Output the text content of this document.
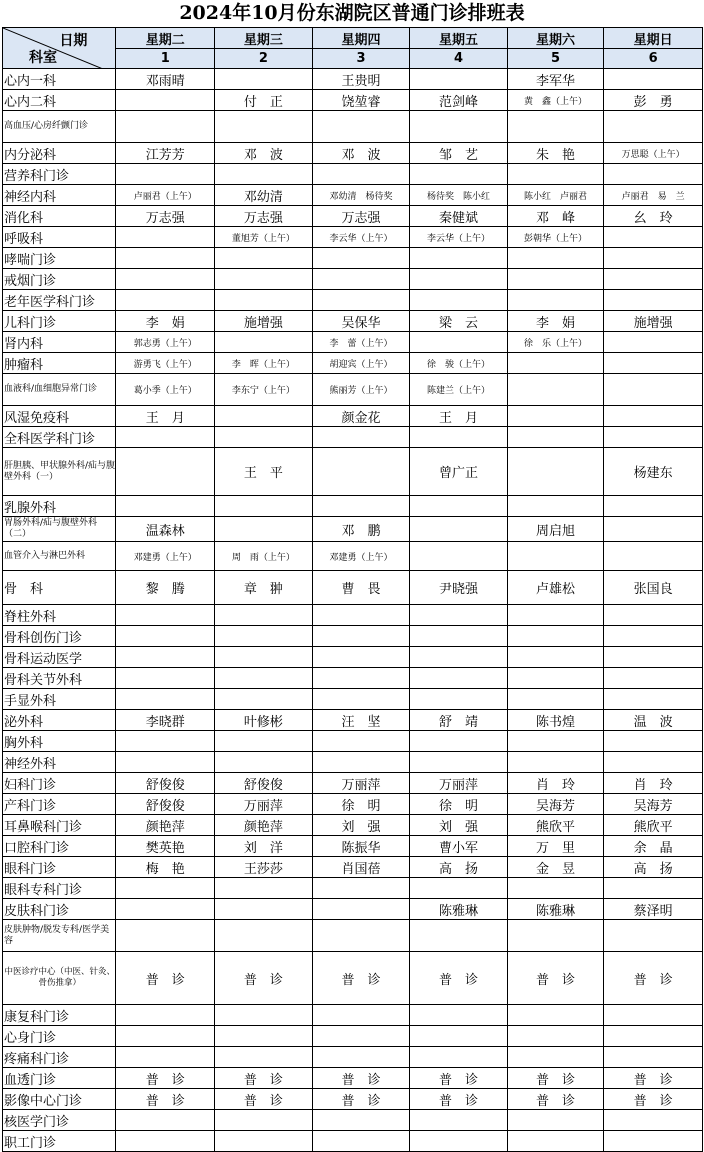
2024年10月份东湖院区普通门诊排班表
日期
科室	星期二	星期三	星期四	星期五	星期六	星期日
	1	2	3	4	5	6
心内一科	邓雨晴		王贵明		李军华	
心内二科		付　正	饶堃睿	范剑峰	黄　鑫（上午）	彭　勇
高血压/心房纤颤门诊						
内分泌科	江芳芳	邓　波	邓　波	邹　艺	朱　艳	万思聪（上午）
营养科门诊						
神经内科	卢丽君（上午）	邓幼清	邓幼清　杨待奖	杨待奖　陈小红	陈小红　卢丽君	卢丽君　易　兰
消化科	万志强	万志强	万志强	秦健斌	邓　峰	幺　玲
呼吸科		董旭芳（上午）	李云华（上午）	李云华（上午）	彭朝华（上午）	
哮喘门诊						
戒烟门诊						
老年医学科门诊						
儿科门诊	李　娟	施增强	吴保华	梁　云	李　娟	施增强
肾内科	郭志勇（上午）		李　蕾（上午）		徐　乐（上午）	
肿瘤科	游勇飞（上午）	李　晖（上午）	胡迎宾（上午）	徐　骏（上午）		
血液科/血细胞异常门诊	葛小季（上午）	李东宁（上午）	熊丽芳（上午）	陈建兰（上午）		
风湿免疫科	王　月		颜金花	王　月		
全科医学科门诊						
肝胆胰、甲状腺外科/疝与腹壁外科（一）		王　平		曾广正		杨建东
乳腺外科						
胃肠外科/疝与腹壁外科（二）	温森林		邓　鹏		周启旭	
血管介入与淋巴外科	邓建勇（上午）	周　雨（上午）	邓建勇（上午）			
骨　科	黎　腾	章　翀	曹　畏	尹晓强	卢雄松	张国良
脊柱外科						
骨科创伤门诊						
骨科运动医学						
骨科关节外科						
手显外科						
泌外科	李晓群	叶修彬	汪　坚	舒　靖	陈书煌	温　波
胸外科						
神经外科						
妇科门诊	舒俊俊	舒俊俊	万丽萍	万丽萍	肖　玲	肖　玲
产科门诊	舒俊俊	万丽萍	徐　明	徐　明	吴海芳	吴海芳
耳鼻喉科门诊	颜艳萍	颜艳萍	刘　强	刘　强	熊欣平	熊欣平
口腔科门诊	樊英艳	刘　洋	陈振华	曹小军	万　里	余　晶
眼科门诊	梅　艳	王莎莎	肖国蓓	高　扬	金　昱	高　扬
眼科专科门诊						
皮肤科门诊				陈雅琳	陈雅琳	蔡泽明
皮肤肿物/脱发专科/医学美容						
中医诊疗中心（中医、针灸、骨伤推拿）	普　诊	普　诊	普　诊	普　诊	普　诊	普　诊
康复科门诊						
心身门诊						
疼痛科门诊						
血透门诊	普　诊	普　诊	普　诊	普　诊	普　诊	普　诊
影像中心门诊	普　诊	普　诊	普　诊	普　诊	普　诊	普　诊
核医学门诊						
职工门诊						
